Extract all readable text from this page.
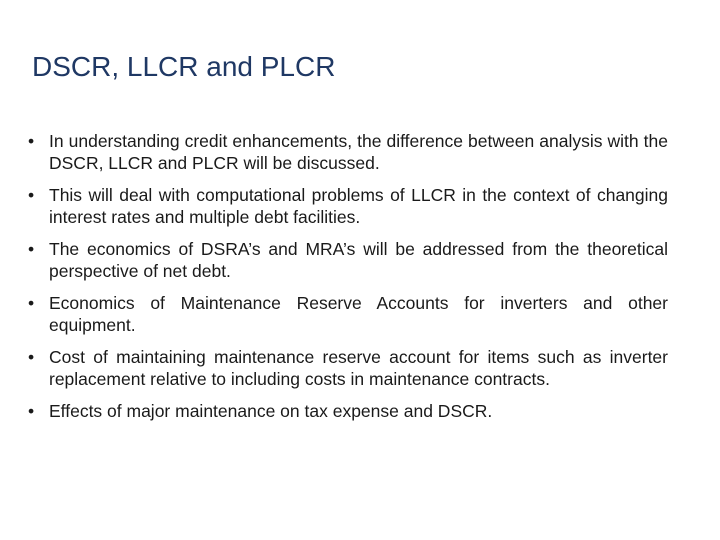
DSCR, LLCR and PLCR
• In understanding credit enhancements, the difference between analysis with the DSCR, LLCR and PLCR will be discussed.
• This will deal with computational problems of LLCR in the context of changing interest rates and multiple debt facilities.
• The economics of DSRA’s and MRA’s will be addressed from the theoretical perspective of net debt.
• Economics of Maintenance Reserve Accounts for inverters and other equipment.
• Cost of maintaining maintenance reserve account for items such as inverter replacement relative to including costs in maintenance contracts.
• Effects of major maintenance on tax expense and DSCR.
